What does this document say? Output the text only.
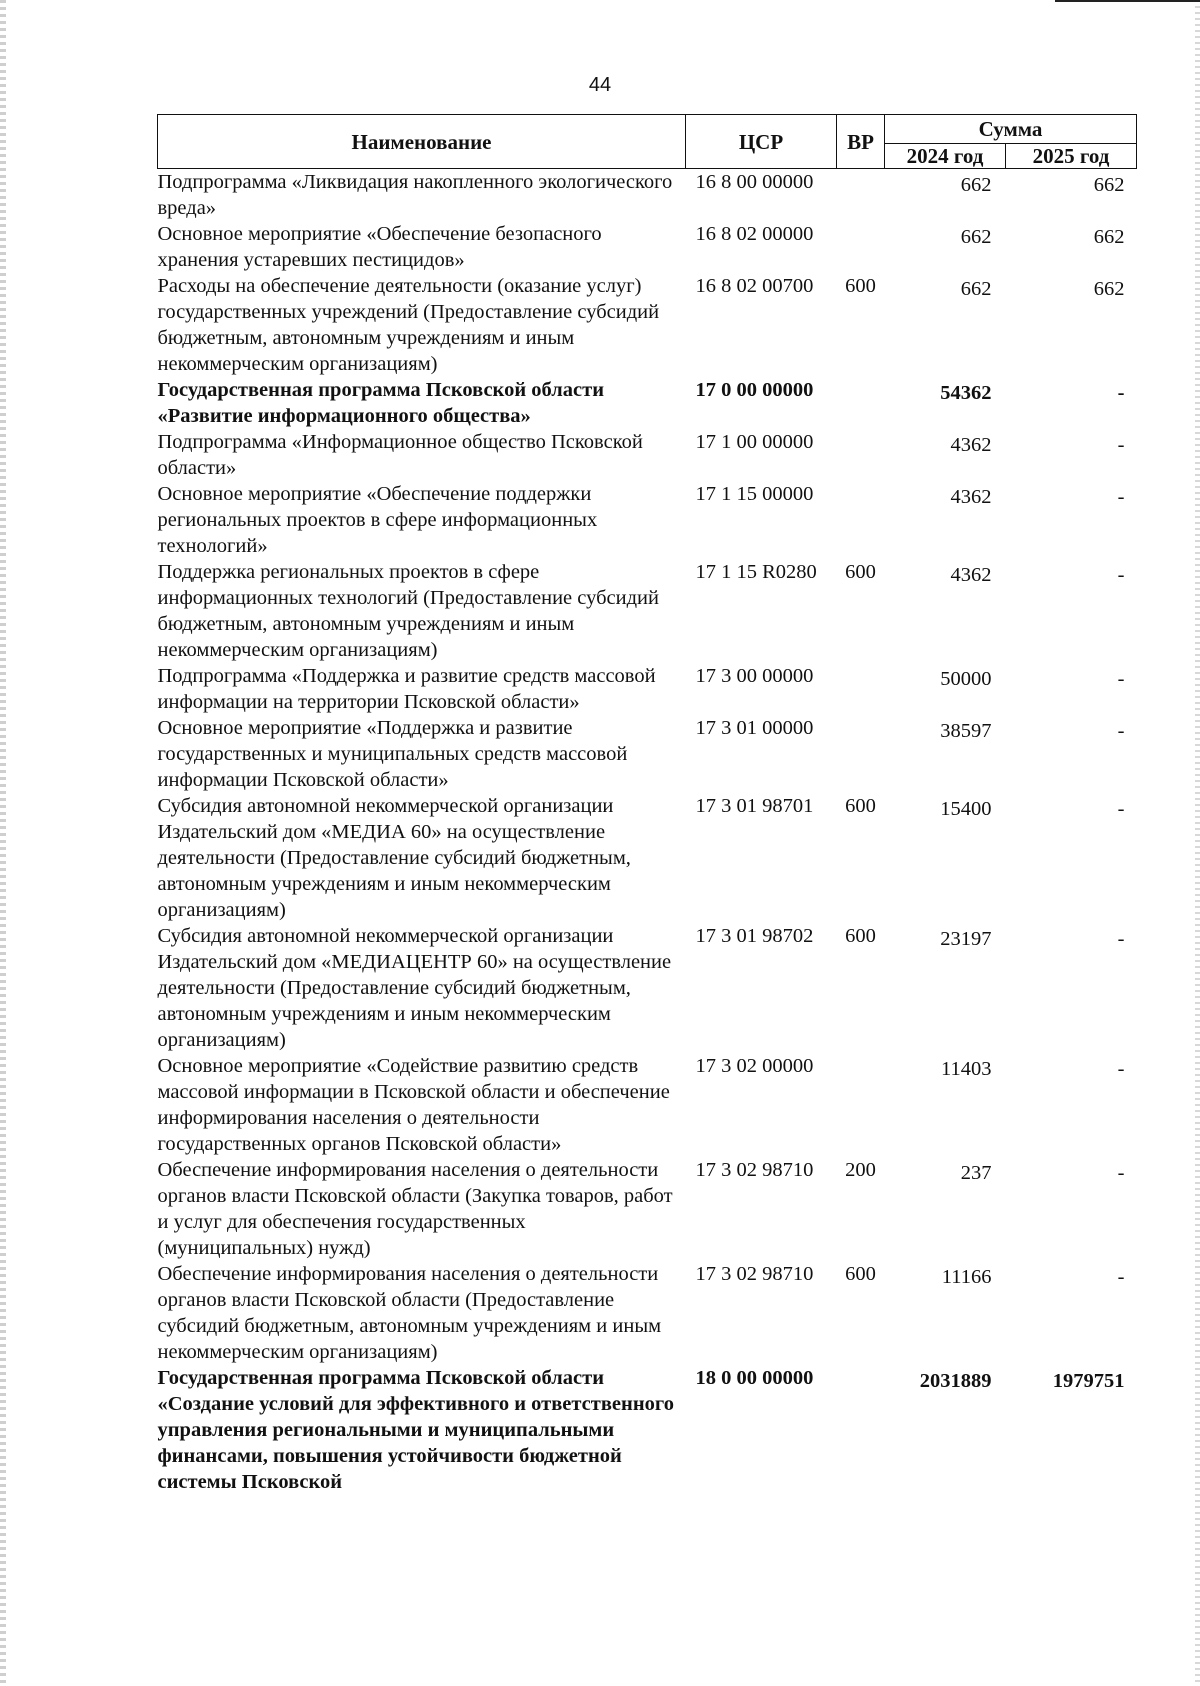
44
Наименование	ЦСР	ВР	Сумма	
			2024 год	2025 год
Подпрограмма «Ликвидация накопленного экологического вреда»	16 8 00 00000		662	662
Основное мероприятие «Обеспечение безопасного хранения устаревших пестицидов»	16 8 02 00000		662	662
Расходы на обеспечение деятельности (оказание услуг) государственных учреждений (Предоставление субсидий бюджетным, автономным учреждениям и иным некоммерческим организациям)	16 8 02 00700	600	662	662
Государственная программа Псковской области «Развитие информационного общества»	17 0 00 00000		54362	-
Подпрограмма «Информационное общество Псковской области»	17 1 00 00000		4362	-
Основное мероприятие «Обеспечение поддержки региональных проектов в сфере информационных технологий»	17 1 15 00000		4362	-
Поддержка региональных проектов в сфере информационных технологий (Предоставление субсидий бюджетным, автономным учреждениям и иным некоммерческим организациям)	17 1 15 R0280	600	4362	-
Подпрограмма «Поддержка и развитие средств массовой информации на территории Псковской области»	17 3 00 00000		50000	-
Основное мероприятие «Поддержка и развитие государственных и муниципальных средств массовой информации Псковской области»	17 3 01 00000		38597	-
Субсидия автономной некоммерческой организации Издательский дом «МЕДИА 60» на осуществление деятельности (Предоставление субсидий бюджетным, автономным учреждениям и иным некоммерческим организациям)	17 3 01 98701	600	15400	-
Субсидия автономной некоммерческой организации Издательский дом «МЕДИАЦЕНТР 60» на осуществление деятельности (Предоставление субсидий бюджетным, автономным учреждениям и иным некоммерческим организациям)	17 3 01 98702	600	23197	-
Основное мероприятие «Содействие развитию средств массовой информации в Псковской области и обеспечение информирования населения о деятельности государственных органов Псковской области»	17 3 02 00000		11403	-
Обеспечение информирования населения о деятельности органов власти Псковской области (Закупка товаров, работ и услуг для обеспечения государственных (муниципальных) нужд)	17 3 02 98710	200	237	-
Обеспечение информирования населения о деятельности органов власти Псковской области (Предоставление субсидий бюджетным, автономным учреждениям и иным некоммерческим организациям)	17 3 02 98710	600	11166	-
Государственная программа Псковской области «Создание условий для эффективного и ответственного управления региональными и муниципальными финансами, повышения устойчивости бюджетной системы Псковской	18 0 00 00000		2031889	1979751
